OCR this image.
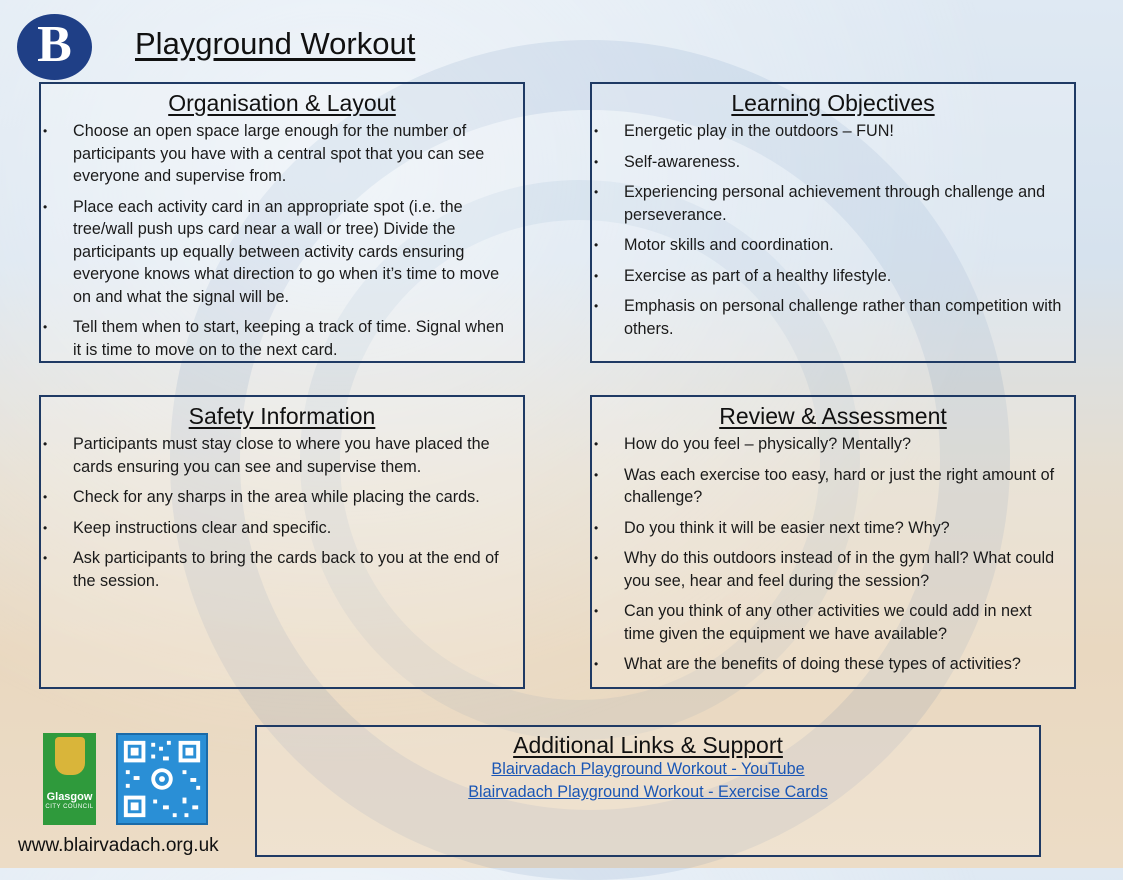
B Playground Workout
Organisation & Layout
• Choose an open space large enough for the number of participants you have with a central spot that you can see everyone and supervise from.
• Place each activity card in an appropriate spot (i.e. the tree/wall push ups card near a wall or tree) Divide the participants up equally between activity cards ensuring everyone knows what direction to go when it’s time to move on and what the signal will be.
• Tell them when to start, keeping a track of time. Signal when it is time to move on to the next card.
Learning Objectives
• Energetic play in the outdoors – FUN!
• Self-awareness.
• Experiencing personal achievement through challenge and perseverance.
• Motor skills and coordination.
• Exercise as part of a healthy lifestyle.
• Emphasis on personal challenge rather than competition with others.
Safety Information
• Participants must stay close to where you have placed the cards ensuring you can see and supervise them.
• Check for any sharps in the area while placing the cards.
• Keep instructions clear and specific.
• Ask participants to bring the cards back to you at the end of the session.
Review & Assessment
• How do you feel – physically? Mentally?
• Was each exercise too easy, hard or just the right amount of challenge?
• Do you think it will be easier next time? Why?
• Why do this outdoors instead of in the gym hall? What could you see, hear and feel during the session?
• Can you think of any other activities we could add in next time given the equipment we have available?
• What are the benefits of doing these types of activities?
Additional Links & Support
Blairvadach Playground Workout - YouTube
Blairvadach Playground Workout - Exercise Cards
Glasgow
CITY COUNCIL
www.blairvadach.org.uk
